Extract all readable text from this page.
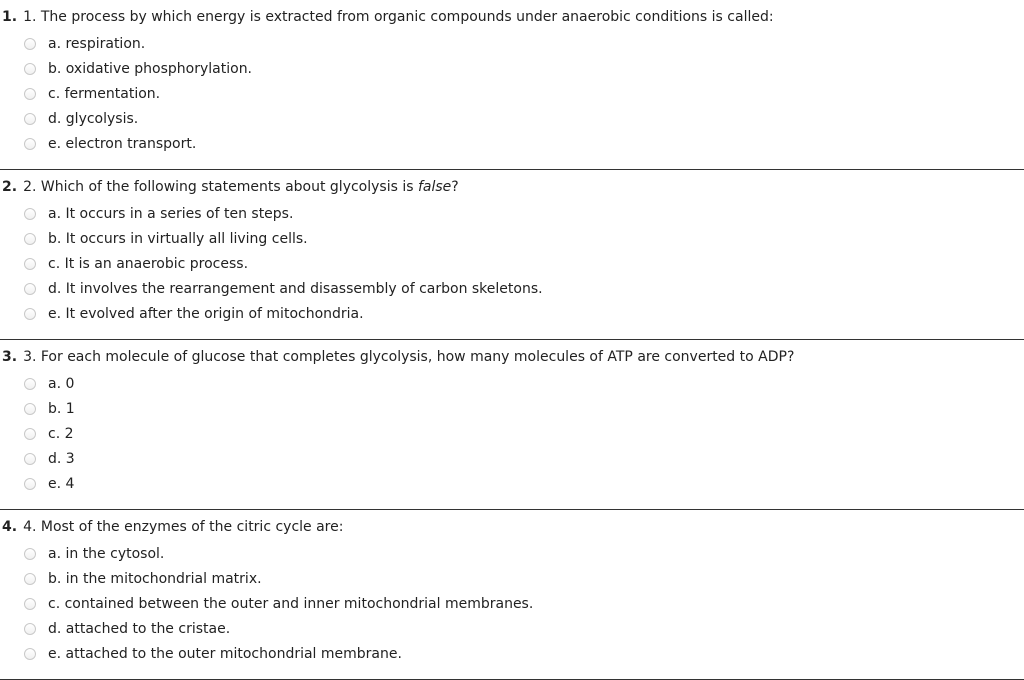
1. 1. The process by which energy is extracted from organic compounds under anaerobic conditions is called:
a. respiration.
b. oxidative phosphorylation.
c. fermentation.
d. glycolysis.
e. electron transport.
2. 2. Which of the following statements about glycolysis is false?
a. It occurs in a series of ten steps.
b. It occurs in virtually all living cells.
c. It is an anaerobic process.
d. It involves the rearrangement and disassembly of carbon skeletons.
e. It evolved after the origin of mitochondria.
3. 3. For each molecule of glucose that completes glycolysis, how many molecules of ATP are converted to ADP?
a. 0
b. 1
c. 2
d. 3
e. 4
4. 4. Most of the enzymes of the citric cycle are:
a. in the cytosol.
b. in the mitochondrial matrix.
c. contained between the outer and inner mitochondrial membranes.
d. attached to the cristae.
e. attached to the outer mitochondrial membrane.
